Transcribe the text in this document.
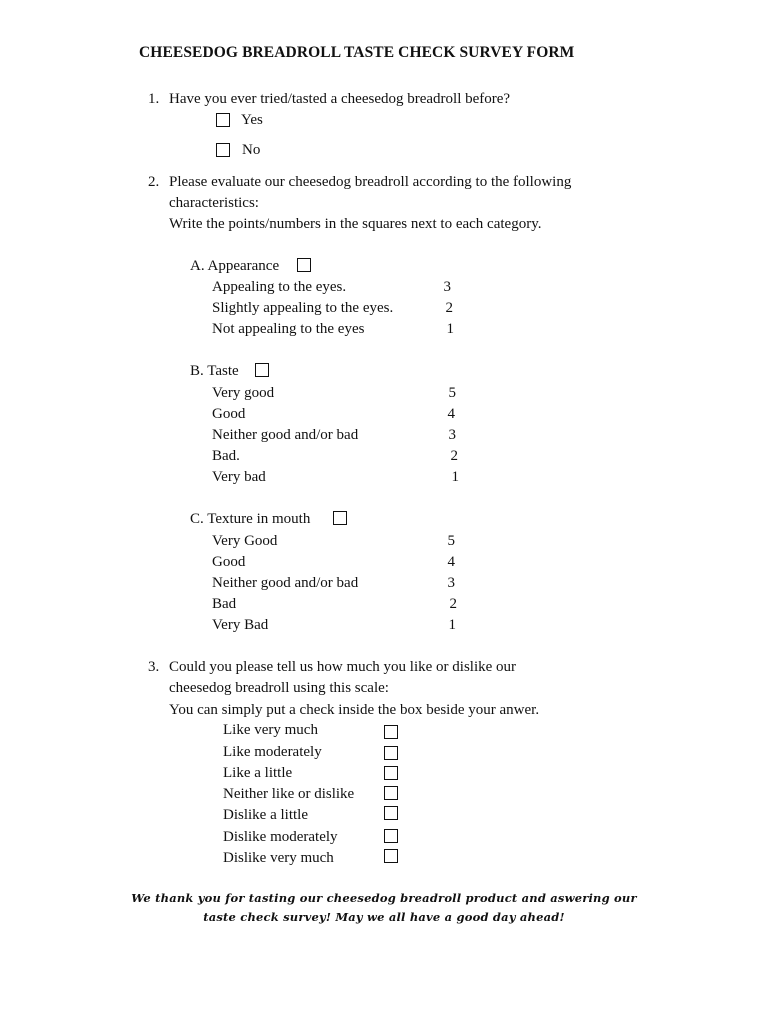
CHEESEDOG BREADROLL TASTE CHECK SURVEY FORM
1. Have you ever tried/tasted a cheesedog breadroll before?
Yes
No
2. Please evaluate our cheesedog breadroll according to the following
characteristics:
Write the points/numbers in the squares next to each category.
A. Appearance
Appealing to the eyes.	3
Slightly appealing to the eyes.	2
Not appealing to the eyes	1
B. Taste
Very good	5
Good	4
Neither good and/or bad	3
Bad.	2
Very bad	1
C. Texture in mouth
Very Good	5
Good	4
Neither good and/or bad	3
Bad	2
Very Bad	1
3. Could you please tell us how much you like or dislike our
cheesedog breadroll using this scale:
You can simply put a check inside the box beside your anwer.
Like very much
Like moderately
Like a little
Neither like or dislike
Dislike a little
Dislike moderately
Dislike very much
We thank you for tasting our cheesedog breadroll product and aswering our
taste check survey! May we all have a good day ahead!
